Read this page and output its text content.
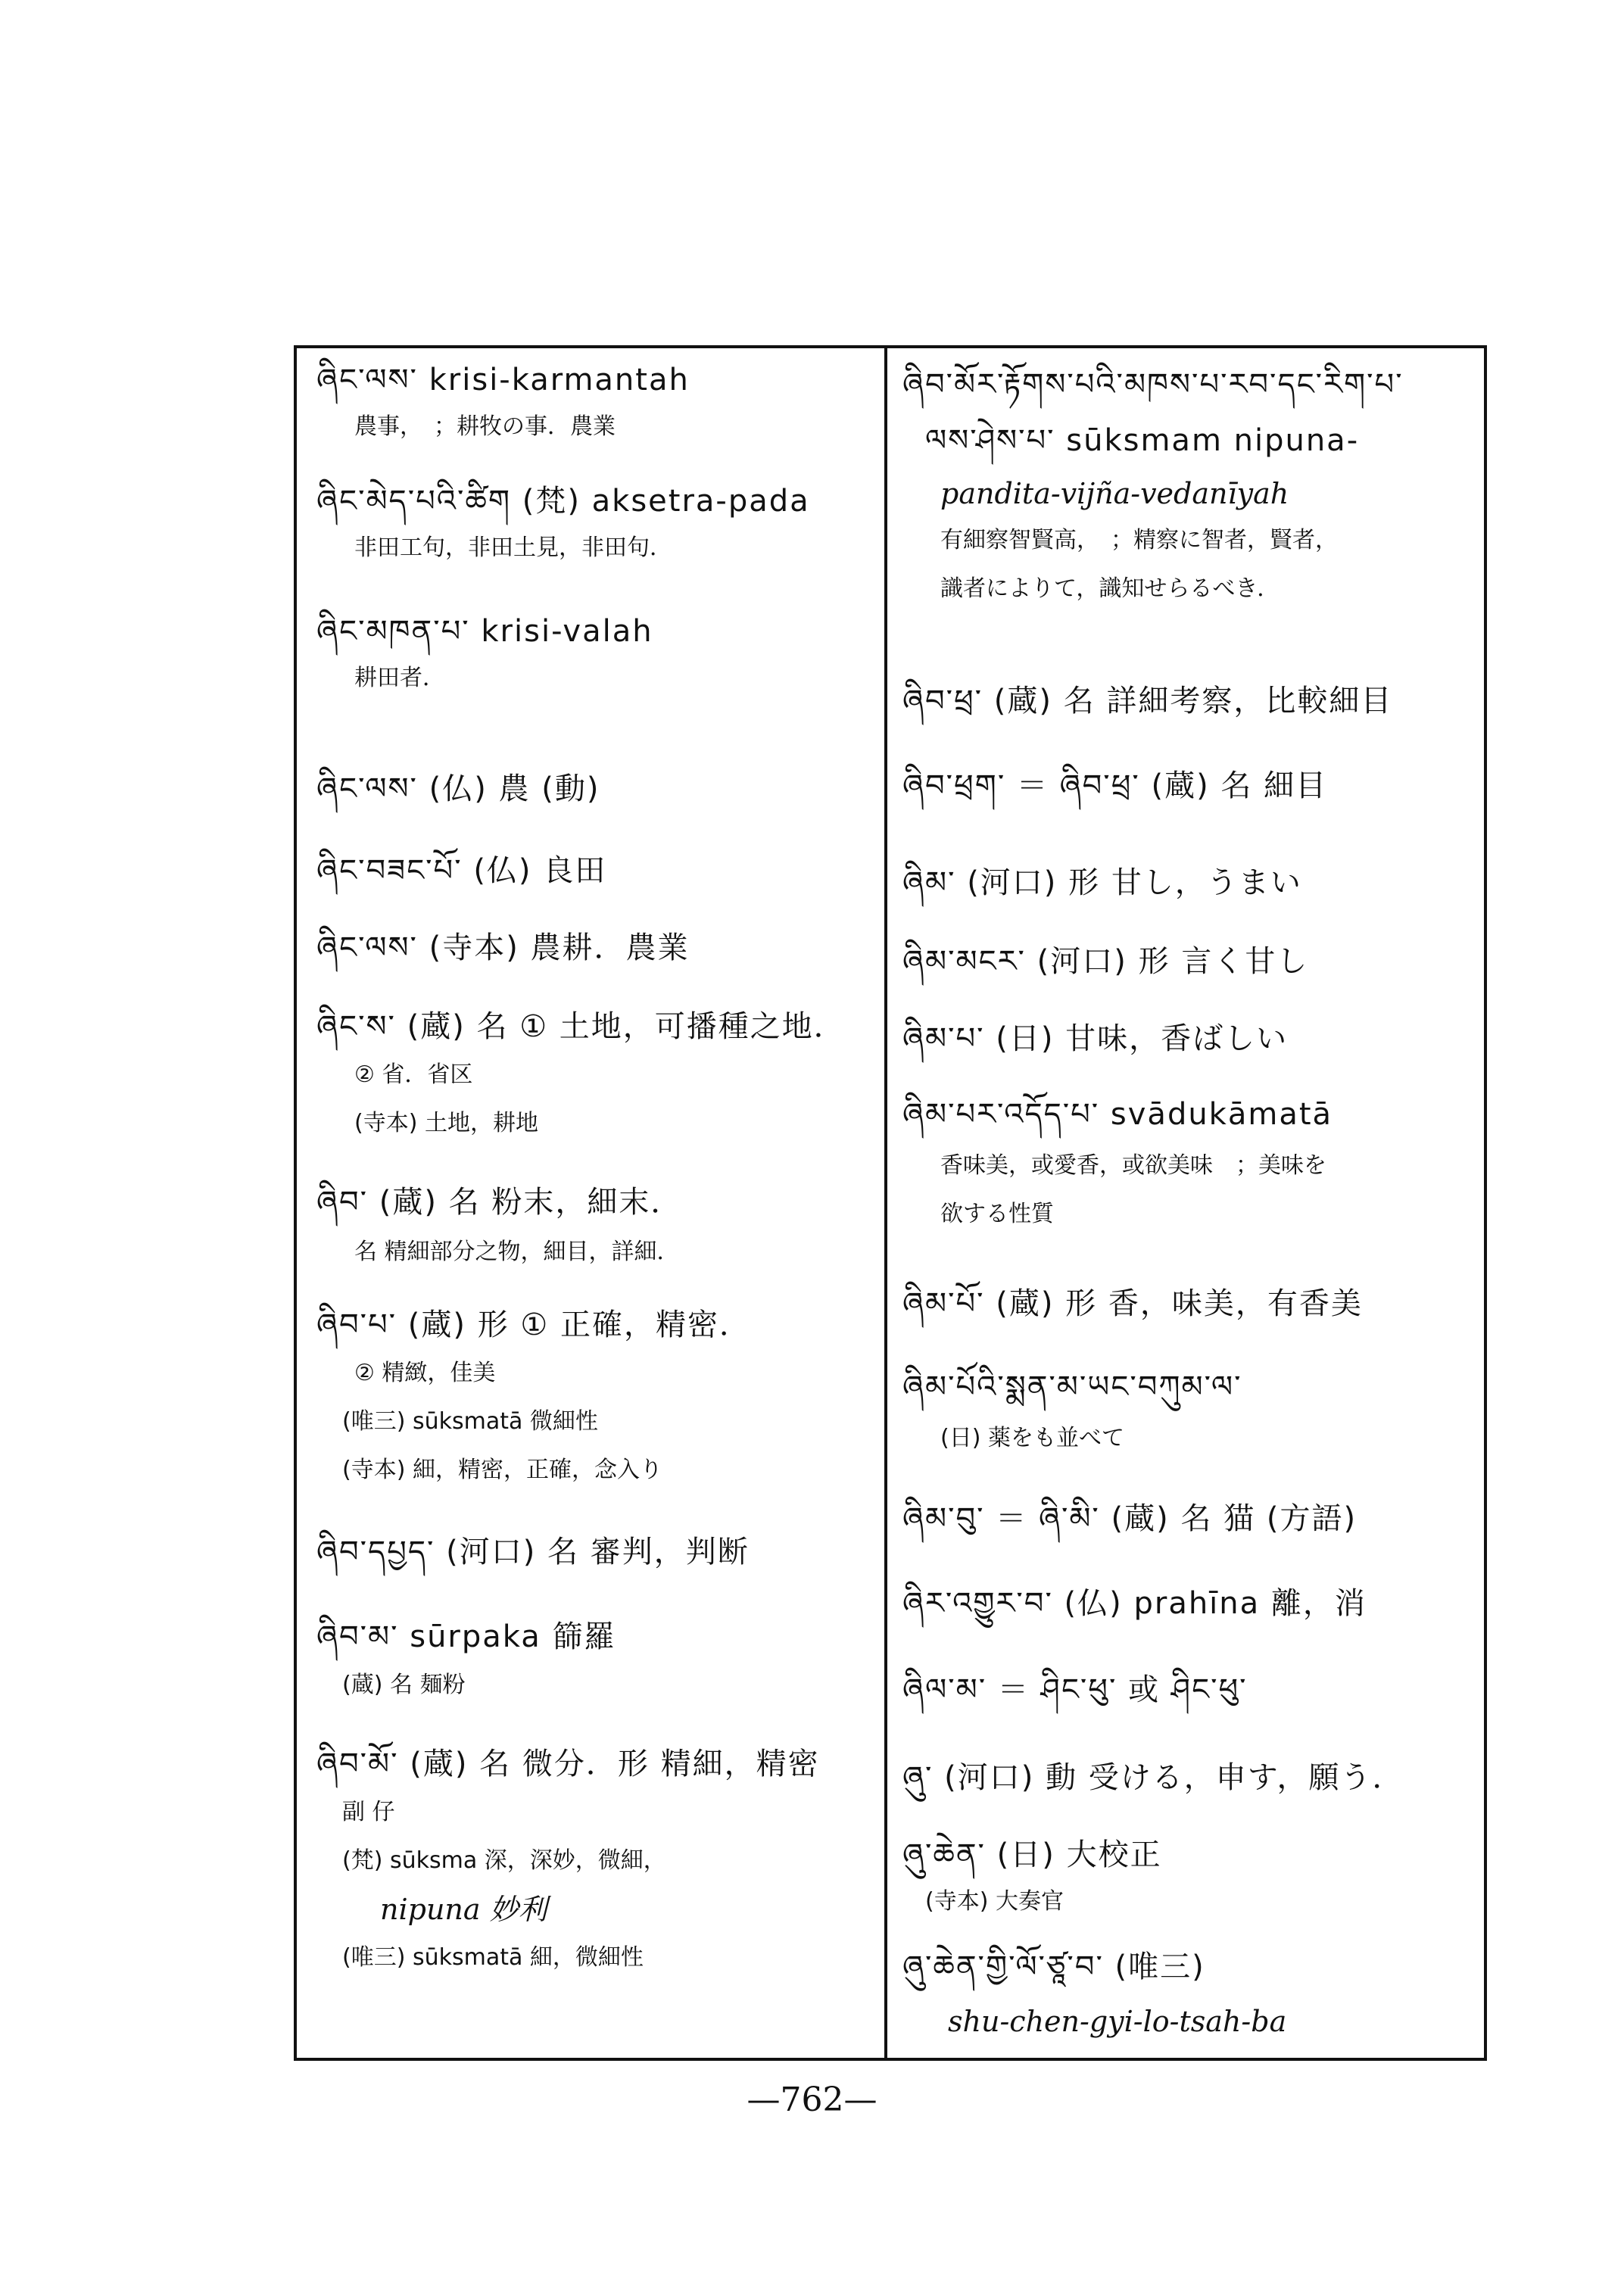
ཞིང་ལས་ krisi-karmantah
農事，　；耕牧の事．農業
ཞིང་མེད་པའི་ཚིག (梵) aksetra-pada
非田工句，非田土見，非田句．
ཞིང་མཁན་པ་ krisi-valah
耕田者．
ཞིང་ལས་ (仏) 農 (動)
ཞིང་བཟང་པོ་ (仏) 良田
ཞིང་ལས་ (寺本) 農耕．農業
ཞིང་ས་ (蔵) 名 ① 土地，可播種之地．
② 省．省区
(寺本) 土地，耕地
ཞིབ་ (蔵) 名 粉末，細末．
名 精細部分之物，細目，詳細．
ཞིབ་པ་ (蔵) 形 ① 正確，精密．
② 精緻，佳美
(唯三) sūksmatā 微細性
(寺本) 細，精密，正確，念入り
ཞིབ་དཔྱད་ (河口) 名 審判，判断
ཞིབ་མ་ sūrpaka 篩羅
(蔵) 名 麺粉
ཞིབ་མོ་ (蔵) 名 微分．形 精細，精密
副 仔
(梵) sūksma 深，深妙，微細，
nipuna 妙利
(唯三) sūksmatā 細，微細性
ཞིབ་མོར་རྟོགས་པའི་མཁས་པ་རབ་དང་རིག་པ་
ལས་ཤེས་པ་ sūksmam nipuna-
pandita-vijña-vedanīyah
有細察智賢高，　；精察に智者，賢者，
識者によりて，識知せらるべき．
ཞིབ་ཕྲ་ (蔵) 名 詳細考察，比較細目
ཞིབ་ཕྲག་ ＝ ཞིབ་ཕྲ་ (蔵) 名 細目
ཞིམ་ (河口) 形 甘し，うまい
ཞིམ་མངར་ (河口) 形 言く甘し
ཞིམ་པ་ (日) 甘味，香ばしい
ཞིམ་པར་འདོད་པ་ svādukāmatā
香味美，或愛香，或欲美味　；美味を
欲する性質
ཞིམ་པོ་ (蔵) 形 香，味美，有香美
ཞིམ་པོའི་སྨན་མ་ཡང་བཀུམ་ལ་
(日) 薬をも並べて
ཞིམ་བུ་ ＝ ཞི་མི་ (蔵) 名 猫 (方語)
ཞིར་འགྱུར་བ་ (仏) prahīna 離，消
ཞིལ་མ་ ＝ ཤིང་ཕུ་ 或 ཤིང་ཕུ་
ཞུ་ (河口) 動 受ける，申す，願う．
ཞུ་ཆེན་ (日) 大校正
(寺本) 大奏官
ཞུ་ཆེན་གྱི་ལོ་ཙཱ་བ་ (唯三)
shu-chen-gyi-lo-tsah-ba
—762—
